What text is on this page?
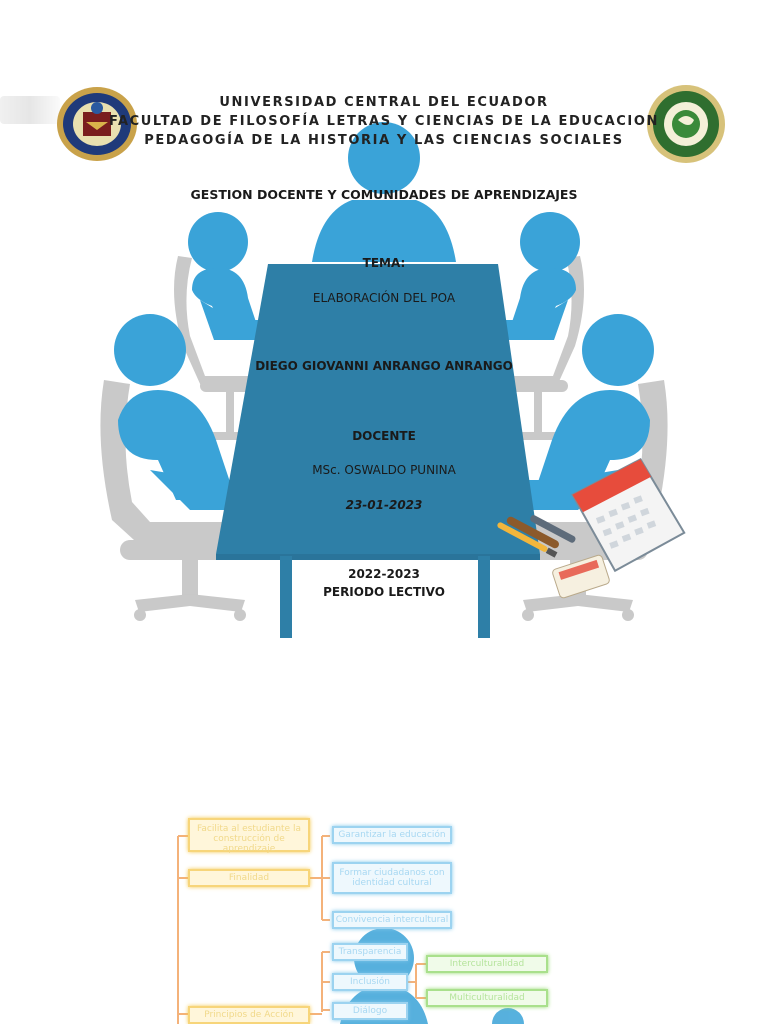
UNIVERSIDAD CENTRAL DEL ECUADOR
FACULTAD DE FILOSOFÍA LETRAS Y CIENCIAS DE LA EDUCACION
PEDAGOGÍA DE LA HISTORIA Y LAS CIENCIAS SOCIALES
GESTION DOCENTE Y COMUNIDADES DE APRENDIZAJES
TEMA:
ELABORACIÓN DEL POA
DIEGO GIOVANNI ANRANGO ANRANGO
DOCENTE
MSc. OSWALDO PUNINA
23-01-2023
2022-2023
PERIODO LECTIVO
Facilita al estudiante la construcción de aprendizaje
Finalidad
Principios de Acción
Garantizar la educación
Formar ciudadanos con identidad cultural
Convivencia intercultural
Transparencia
Inclusión
Diálogo
Interculturalidad
Multiculturalidad
